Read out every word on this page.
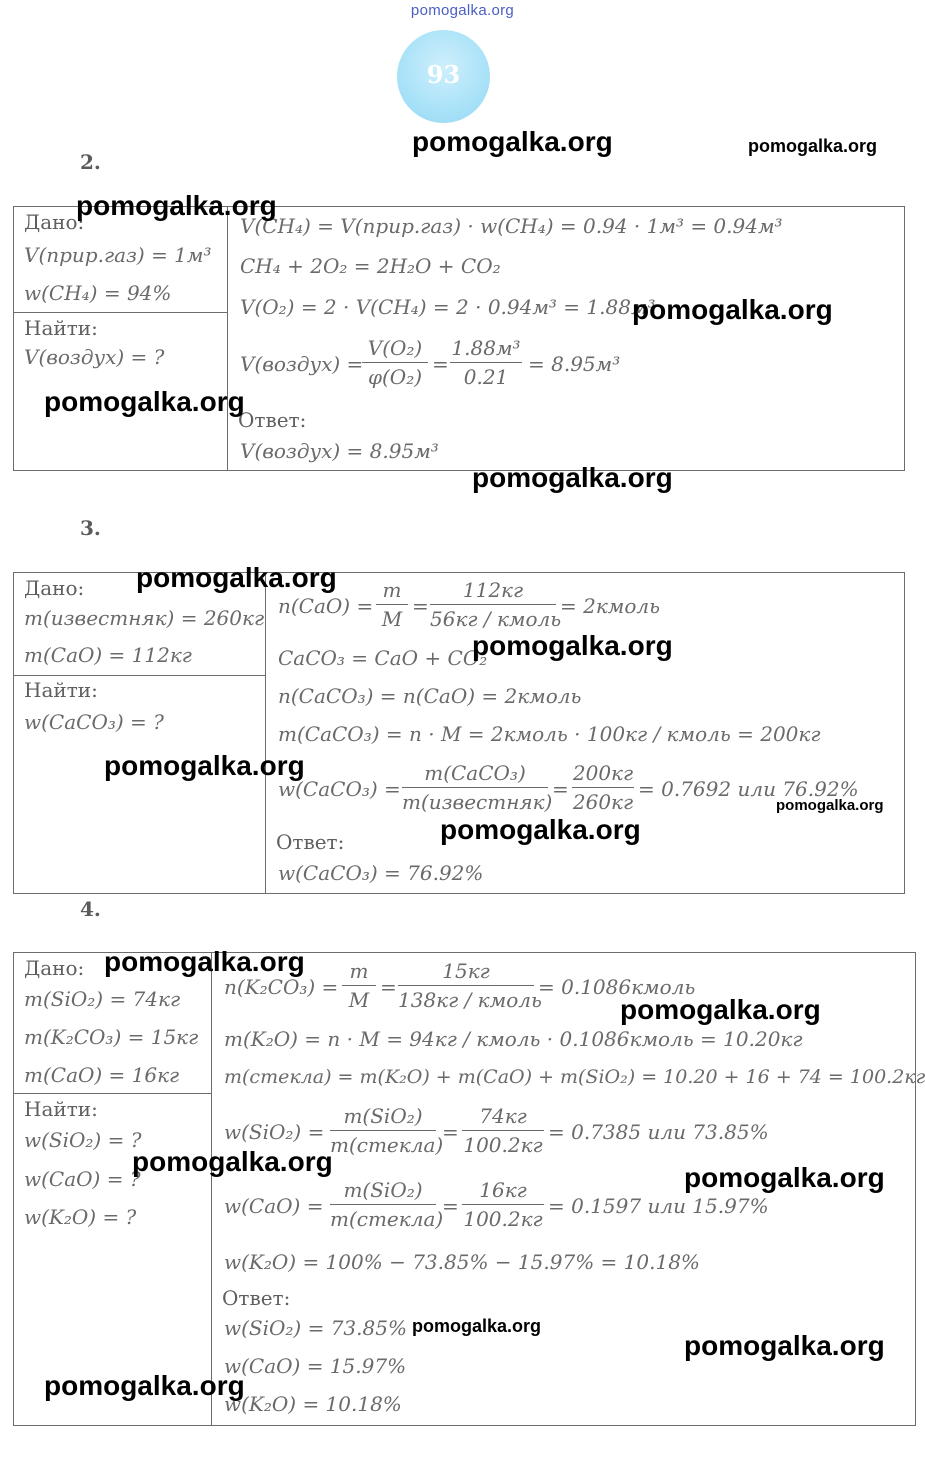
pomogalka.org
93
2.
Дано:
V(прир.газ) = 1м³
w(CH₄) = 94%
Найти:
V(воздух) = ?
V(CH₄) = V(прир.газ) · w(CH₄) = 0.94 · 1м³ = 0.94м³
CH₄ + 2O₂ = 2H₂O + CO₂
V(O₂) = 2 · V(CH₄) = 2 · 0.94м³ = 1.88м³
V(воздух) =
V(O₂)
φ(O₂)
=
1.88м³
0.21
= 8.95м³
Ответ:
V(воздух) = 8.95м³
3.
Дано:
m(известняк) = 260кг
m(CaO) = 112кг
Найти:
w(CaCO₃) = ?
n(CaO) =
m
M
=
112кг
56кг / кмоль
= 2кмоль
CaCO₃ = CaO + CO₂
n(CaCO₃) = n(CaO) = 2кмоль
m(CaCO₃) = n · M = 2кмоль · 100кг / кмоль = 200кг
w(CaCO₃) =
m(CaCO₃)
m(известняк)
=
200кг
260кг
= 0.7692 или 76.92%
Ответ:
w(CaCO₃) = 76.92%
4.
Дано:
m(SiO₂) = 74кг
m(K₂CO₃) = 15кг
m(CaO) = 16кг
Найти:
w(SiO₂) = ?
w(CaO) = ?
w(K₂O) = ?
n(K₂CO₃) =
m
M
=
15кг
138кг / кмоль
= 0.1086кмоль
m(K₂O) = n · M = 94кг / кмоль · 0.1086кмоль = 10.20кг
m(стекла) = m(K₂O) + m(CaO) + m(SiO₂) = 10.20 + 16 + 74 = 100.2кг
w(SiO₂) =
m(SiO₂)
m(стекла)
=
74кг
100.2кг
= 0.7385 или 73.85%
w(CaO) =
m(SiO₂)
m(стекла)
=
16кг
100.2кг
= 0.1597 или 15.97%
w(K₂O) = 100% − 73.85% − 15.97% = 10.18%
Ответ:
w(SiO₂) = 73.85%
w(CaO) = 15.97%
w(K₂O) = 10.18%
pomogalka.org	pomogalka.org
pomogalka.org
pomogalka.org
pomogalka.org
pomogalka.org
pomogalka.org
pomogalka.org
pomogalka.org
pomogalka.org
pomogalka.org
pomogalka.org
pomogalka.org
pomogalka.org
pomogalka.org
pomogalka.org
pomogalka.org
pomogalka.org
